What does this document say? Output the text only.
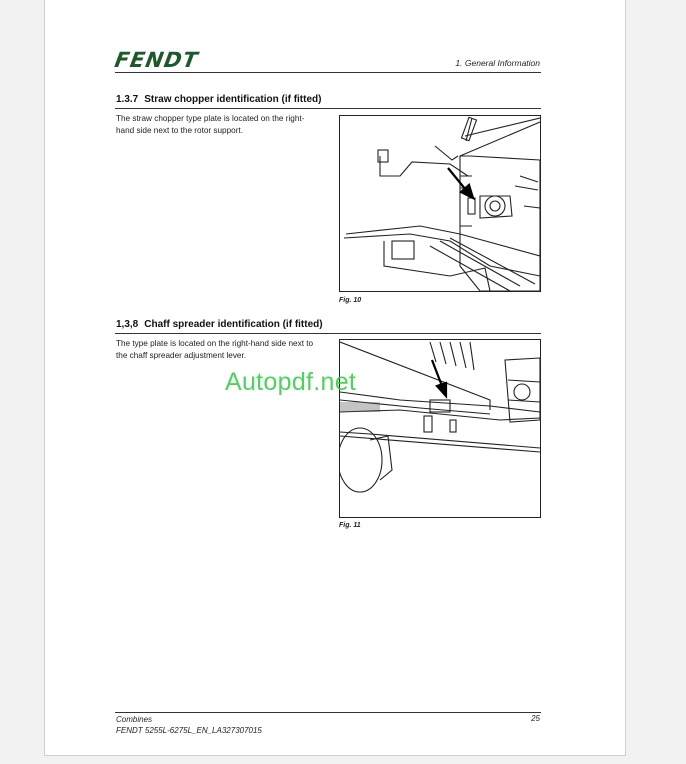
FENDT	1. General Information
1.3.7 Straw chopper identification (if fitted)
The straw chopper type plate is located on the right-hand side next to the rotor support.
Fig. 10
1,3,8 Chaff spreader identification (if fitted)
The type plate is located on the right-hand side next to the chaff spreader adjustment lever.
Fig. 11
Combines
FENDT 5255L-6275L_EN_LA327307015
25
Autopdf.net
